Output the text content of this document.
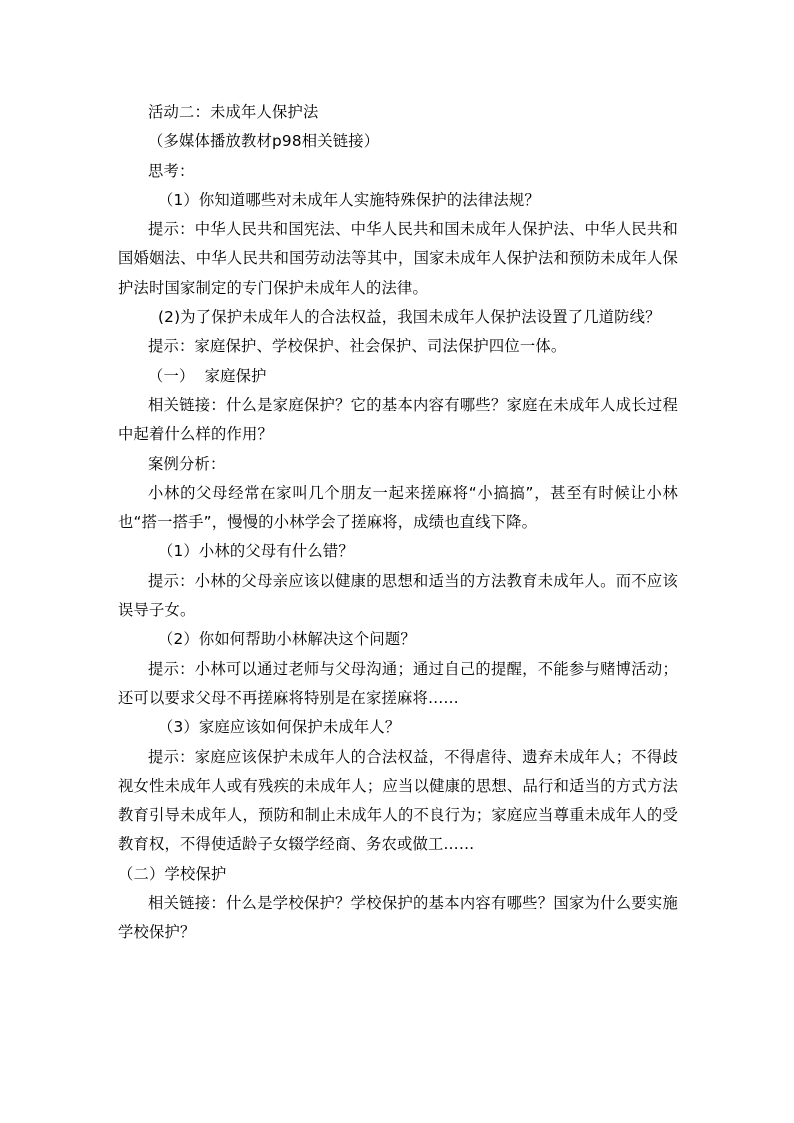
活动二：未成年人保护法

（多媒体播放教材p98相关链接）

思考：

（1）你知道哪些对未成年人实施特殊保护的法律法规？

提示：中华人民共和国宪法、中华人民共和国未成年人保护法、中华人民共和国婚姻法、中华人民共和国劳动法等其中，国家未成年人保护法和预防未成年人保护法时国家制定的专门保护未成年人的法律。

(2)为了保护未成年人的合法权益，我国未成年人保护法设置了几道防线？

提示：家庭保护、学校保护、社会保护、司法保护四位一体。

（一）  家庭保护

相关链接：什么是家庭保护？它的基本内容有哪些？家庭在未成年人成长过程中起着什么样的作用？

案例分析：

小林的父母经常在家叫几个朋友一起来搓麻将“小搞搞”，甚至有时候让小林也“搭一搭手”，慢慢的小林学会了搓麻将，成绩也直线下降。

（1）小林的父母有什么错？

提示：小林的父母亲应该以健康的思想和适当的方法教育未成年人。而不应该误导子女。

（2）你如何帮助小林解决这个问题？

提示：小林可以通过老师与父母沟通；通过自己的提醒，不能参与赌博活动；还可以要求父母不再搓麻将特别是在家搓麻将……

（3）家庭应该如何保护未成年人？

提示：家庭应该保护未成年人的合法权益，不得虐待、遗弃未成年人；不得歧视女性未成年人或有残疾的未成年人；应当以健康的思想、品行和适当的方式方法教育引导未成年人，预防和制止未成年人的不良行为；家庭应当尊重未成年人的受教育权，不得使适龄子女辍学经商、务农或做工……

（二）学校保护

相关链接：什么是学校保护？学校保护的基本内容有哪些？国家为什么要实施学校保护？
